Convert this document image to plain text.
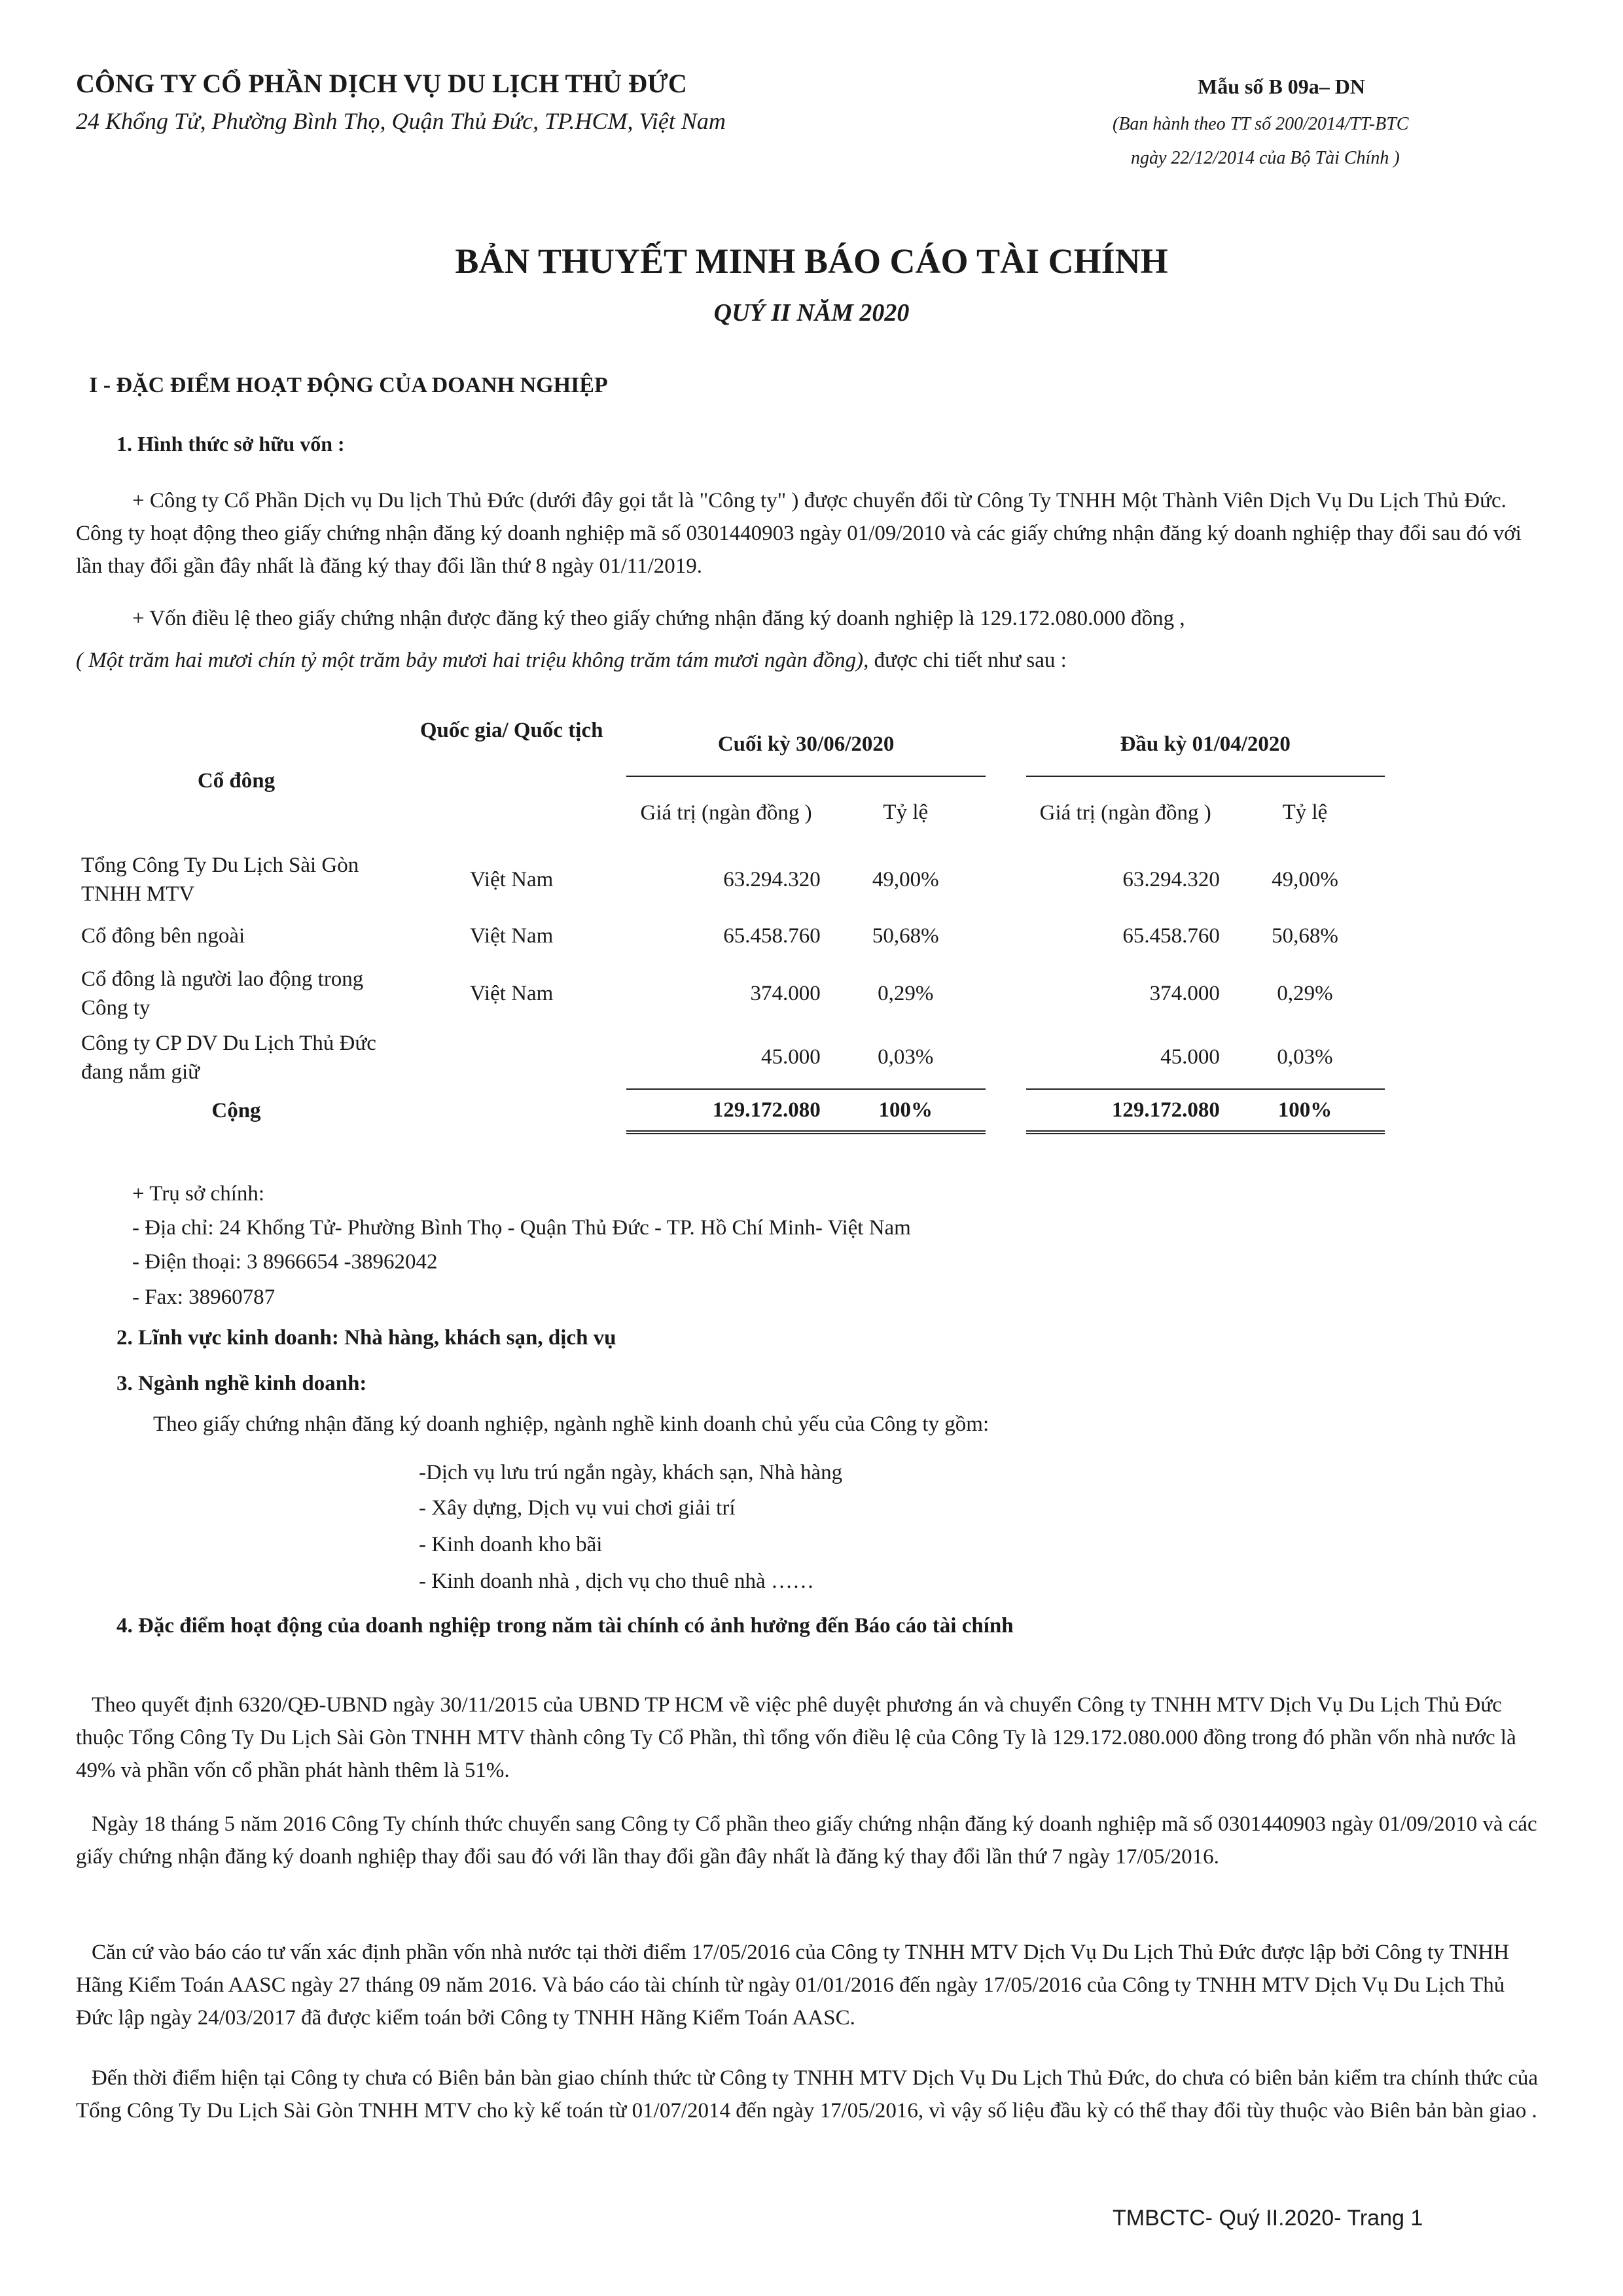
CÔNG TY CỔ PHẦN DỊCH VỤ DU LỊCH THỦ ĐỨC
24 Khổng Tử, Phường Bình Thọ, Quận Thủ Đức, TP.HCM, Việt Nam
Mẫu số B 09a– DN
(Ban hành theo TT số 200/2014/TT-BTC
ngày 22/12/2014 của Bộ Tài Chính )
BẢN THUYẾT MINH BÁO CÁO TÀI CHÍNH
QUÝ II NĂM 2020
I - ĐẶC ĐIỂM HOẠT ĐỘNG CỦA DOANH NGHIỆP
1. Hình thức sở hữu vốn :
+ Công ty Cổ Phần Dịch vụ Du lịch Thủ Đức (dưới đây gọi tắt là "Công ty" ) được chuyển đổi từ Công Ty TNHH Một Thành Viên Dịch Vụ Du Lịch Thủ Đức. Công ty hoạt động theo giấy chứng nhận đăng ký doanh nghiệp mã số 0301440903 ngày 01/09/2010 và các giấy chứng nhận đăng ký doanh nghiệp thay đổi sau đó với lần thay đổi gần đây nhất là đăng ký thay đổi lần thứ 8 ngày 01/11/2019.
+ Vốn điều lệ theo giấy chứng nhận được đăng ký theo giấy chứng nhận đăng ký doanh nghiệp là 129.172.080.000 đồng ,
( Một trăm hai mươi chín tỷ một trăm bảy mươi hai triệu không trăm tám mươi ngàn đồng), được chi tiết như sau :
Cổ đông	Quốc gia/ Quốc tịch	Cuối kỳ 30/06/2020			Đầu kỳ 01/04/2020	
		Giá trị (ngàn đồng )	Tỷ lệ		Giá trị (ngàn đồng )	Tỷ lệ
Tổng Công Ty Du Lịch Sài Gòn TNHH MTV	Việt Nam	63.294.320	49,00%		63.294.320	49,00%
Cổ đông bên ngoài	Việt Nam	65.458.760	50,68%		65.458.760	50,68%
Cổ đông là người lao động trong Công ty	Việt Nam	374.000	0,29%		374.000	0,29%
Công ty CP DV Du Lịch Thủ Đức đang nắm giữ		45.000	0,03%		45.000	0,03%
Cộng		129.172.080	100%		129.172.080	100%
+ Trụ sở chính:
- Địa chỉ: 24 Khổng Tử- Phường Bình Thọ - Quận Thủ Đức - TP. Hồ Chí Minh- Việt Nam
- Điện thoại: 3 8966654 -38962042
- Fax: 38960787
2. Lĩnh vực kinh doanh: Nhà hàng, khách sạn, dịch vụ
3. Ngành nghề kinh doanh:
Theo giấy chứng nhận đăng ký doanh nghiệp, ngành nghề kinh doanh chủ yếu của Công ty gồm:
-Dịch vụ lưu trú ngắn ngày, khách sạn, Nhà hàng
- Xây dựng, Dịch vụ vui chơi giải trí
- Kinh doanh kho bãi
- Kinh doanh nhà , dịch vụ cho thuê nhà ……
4. Đặc điểm hoạt động của doanh nghiệp trong năm tài chính có ảnh hưởng đến Báo cáo tài chính
Theo quyết định 6320/QĐ-UBND ngày 30/11/2015 của UBND TP HCM về việc phê duyệt phương án và chuyển Công ty TNHH MTV Dịch Vụ Du Lịch Thủ Đức thuộc Tổng Công Ty Du Lịch Sài Gòn TNHH MTV thành công Ty Cổ Phần, thì tổng vốn điều lệ của Công Ty là 129.172.080.000 đồng trong đó phần vốn nhà nước là 49% và phần vốn cổ phần phát hành thêm là 51%.
Ngày 18 tháng 5 năm 2016 Công Ty chính thức chuyển sang Công ty Cổ phần theo giấy chứng nhận đăng ký doanh nghiệp mã số 0301440903 ngày 01/09/2010 và các giấy chứng nhận đăng ký doanh nghiệp thay đổi sau đó với lần thay đổi gần đây nhất là đăng ký thay đổi lần thứ 7 ngày 17/05/2016.
Căn cứ vào báo cáo tư vấn xác định phần vốn nhà nước tại thời điểm 17/05/2016 của Công ty TNHH MTV Dịch Vụ Du Lịch Thủ Đức được lập bởi Công ty TNHH Hãng Kiểm Toán AASC ngày 27 tháng 09 năm 2016. Và báo cáo tài chính từ ngày 01/01/2016 đến ngày 17/05/2016 của Công ty TNHH MTV Dịch Vụ Du Lịch Thủ Đức lập ngày 24/03/2017 đã được kiểm toán bởi Công ty TNHH Hãng Kiểm Toán AASC.
Đến thời điểm hiện tại Công ty chưa có Biên bản bàn giao chính thức từ Công ty TNHH MTV Dịch Vụ Du Lịch Thủ Đức, do chưa có biên bản kiểm tra chính thức của Tổng Công Ty Du Lịch Sài Gòn TNHH MTV cho kỳ kế toán từ 01/07/2014 đến ngày 17/05/2016, vì vậy số liệu đầu kỳ có thể thay đổi tùy thuộc vào Biên bản bàn giao .
TMBCTC- Quý II.2020- Trang 1
